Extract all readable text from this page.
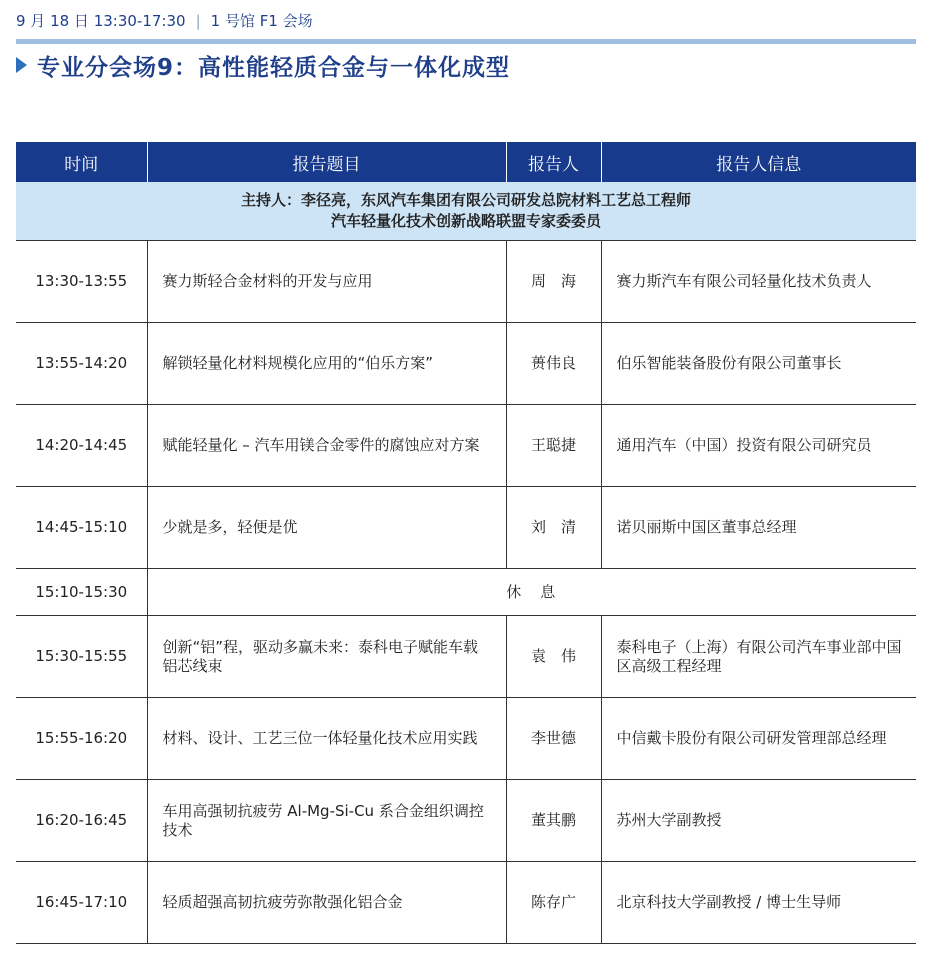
9 月 18 日 13:30-17:30 | 1 号馆 F1 会场
专业分会场9：高性能轻质合金与一体化成型
时间	报告题目	报告人	报告人信息

主持人：李径亮，东风汽车集团有限公司研发总院材料工艺总工程师
汽车轻量化技术创新战略联盟专家委委员			

13:30-13:55	赛力斯轻合金材料的开发与应用	周　海	赛力斯汽车有限公司轻量化技术负责人
13:55-14:20	解锁轻量化材料规模化应用的“伯乐方案”	蒉伟良	伯乐智能装备股份有限公司董事长
14:20-14:45	赋能轻量化 – 汽车用镁合金零件的腐蚀应对方案	王聪捷	通用汽车（中国）投资有限公司研究员
14:45-15:10	少就是多，轻便是优	刘　清	诺贝丽斯中国区董事总经理
15:10-15:30	休　息		
15:30-15:55	创新“铝”程，驱动多赢未来：泰科电子赋能车载铝芯线束	袁　伟	泰科电子（上海）有限公司汽车事业部中国区高级工程经理
15:55-16:20	材料、设计、工艺三位一体轻量化技术应用实践	李世德	中信戴卡股份有限公司研发管理部总经理
16:20-16:45	车用高强韧抗疲劳 Al-Mg-Si-Cu 系合金组织调控技术	董其鹏	苏州大学副教授
16:45-17:10	轻质超强高韧抗疲劳弥散强化铝合金	陈存广	北京科技大学副教授 / 博士生导师
